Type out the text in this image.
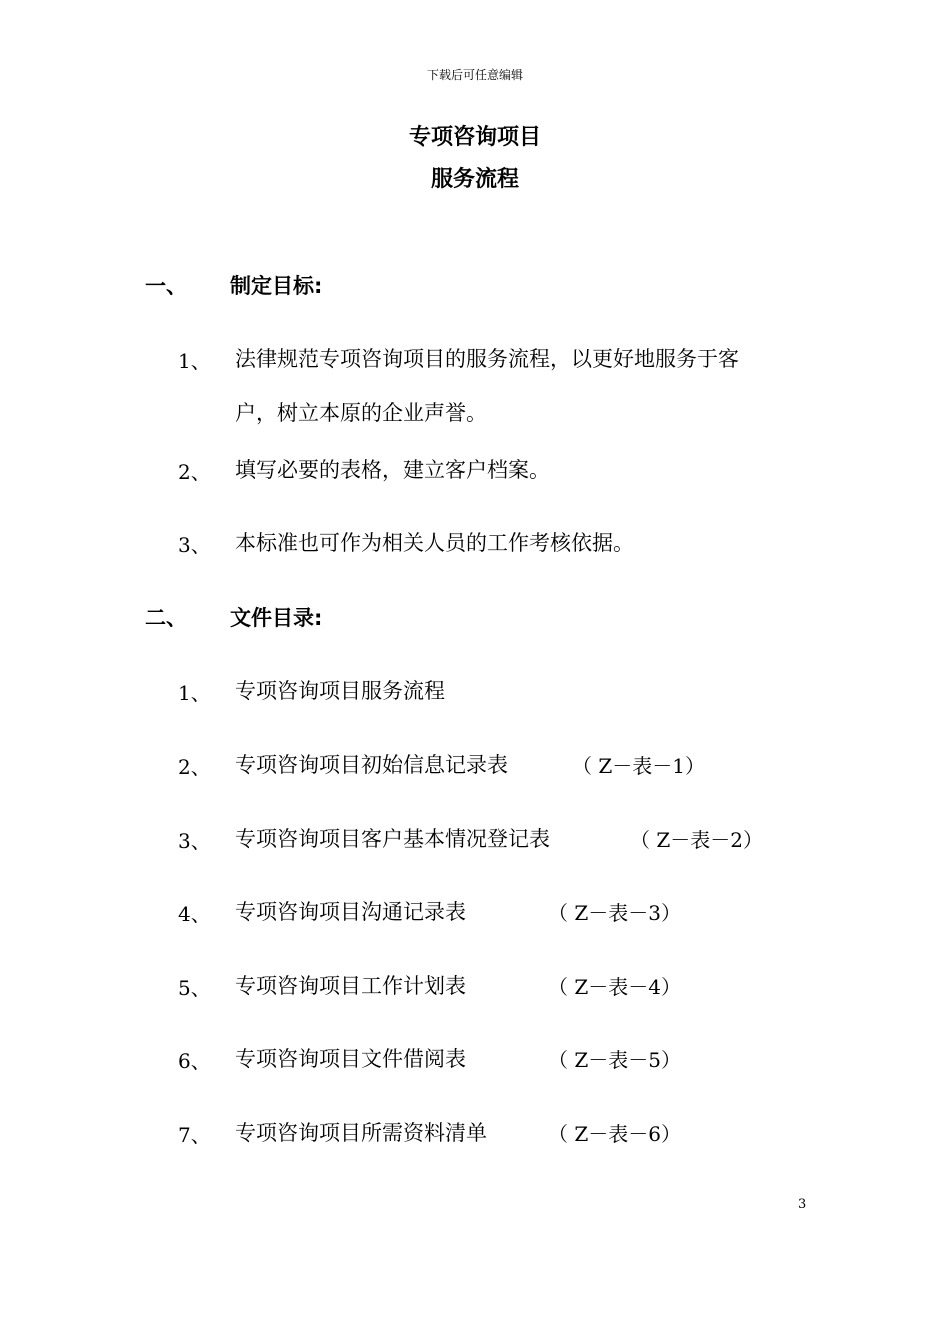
下载后可任意编辑
专项咨询项目
服务流程
一、 制定目标:
1、 法律规范专项咨询项目的服务流程，以更好地服务于客
户，树立本原的企业声誉。
2、 填写必要的表格，建立客户档案。
3、 本标准也可作为相关人员的工作考核依据。
二、 文件目录:
1、 专项咨询项目服务流程
2、 专项咨询项目初始信息记录表	（ Z－表－1）
3、 专项咨询项目客户基本情况登记表	（ Z－表－2）
4、 专项咨询项目沟通记录表	（ Z－表－3）
5、 专项咨询项目工作计划表	（ Z－表－4）
6、 专项咨询项目文件借阅表	（ Z－表－5）
7、 专项咨询项目所需资料清单	（ Z－表－6）
3
